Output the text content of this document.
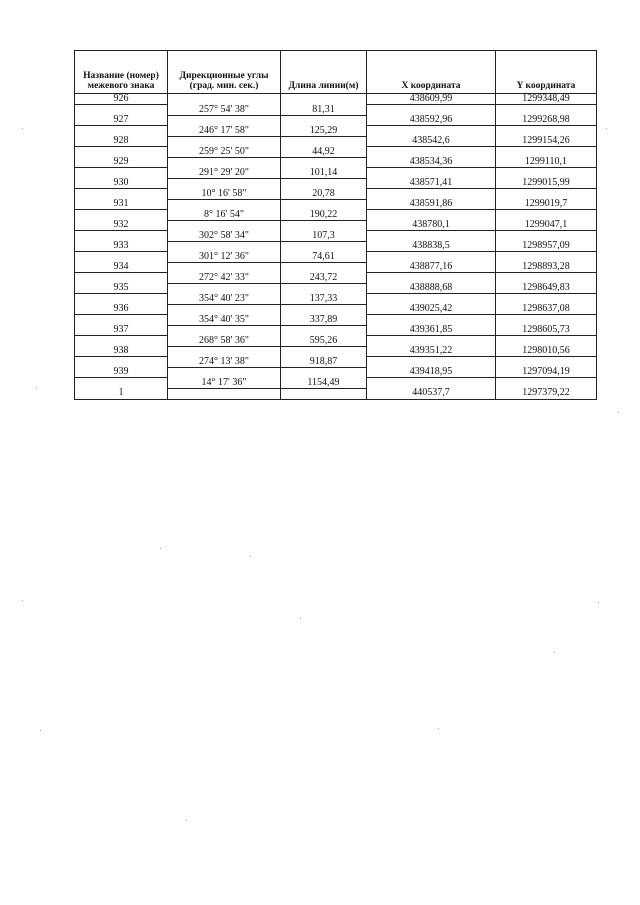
Название (номер) межевого знака	Дирекционные углы (град. мин. сек.)	Длина линии(м)	X координата	Y координата
926			438609,99	1299348,49
	257° 54' 38"	81,31		
927			438592,96	1299268,98
	246° 17' 58"	125,29		
928			438542,6	1299154,26
	259° 25' 50"	44,92		
929			438534,36	1299110,1
	291° 29' 20"	101,14		
930			438571,41	1299015,99
	10° 16' 58"	20,78		
931			438591,86	1299019,7
	8° 16' 54"	190,22		
932			438780,1	1299047,1
	302° 58' 34"	107,3		
933			438838,5	1298957,09
	301° 12' 36"	74,61		
934			438877,16	1298893,28
	272° 42' 33"	243,72		
935			438888,68	1298649,83
	354° 40' 23"	137,33		
936			439025,42	1298637,08
	354° 40' 35"	337,89		
937			439361,85	1298605,73
	268° 58' 36"	595,26		
938			439351,22	1298010,56
	274° 13' 38"	918,87		
939			439418,95	1297094,19
	14° 17' 36"	1154,49		
1			440537,7	1297379,22
